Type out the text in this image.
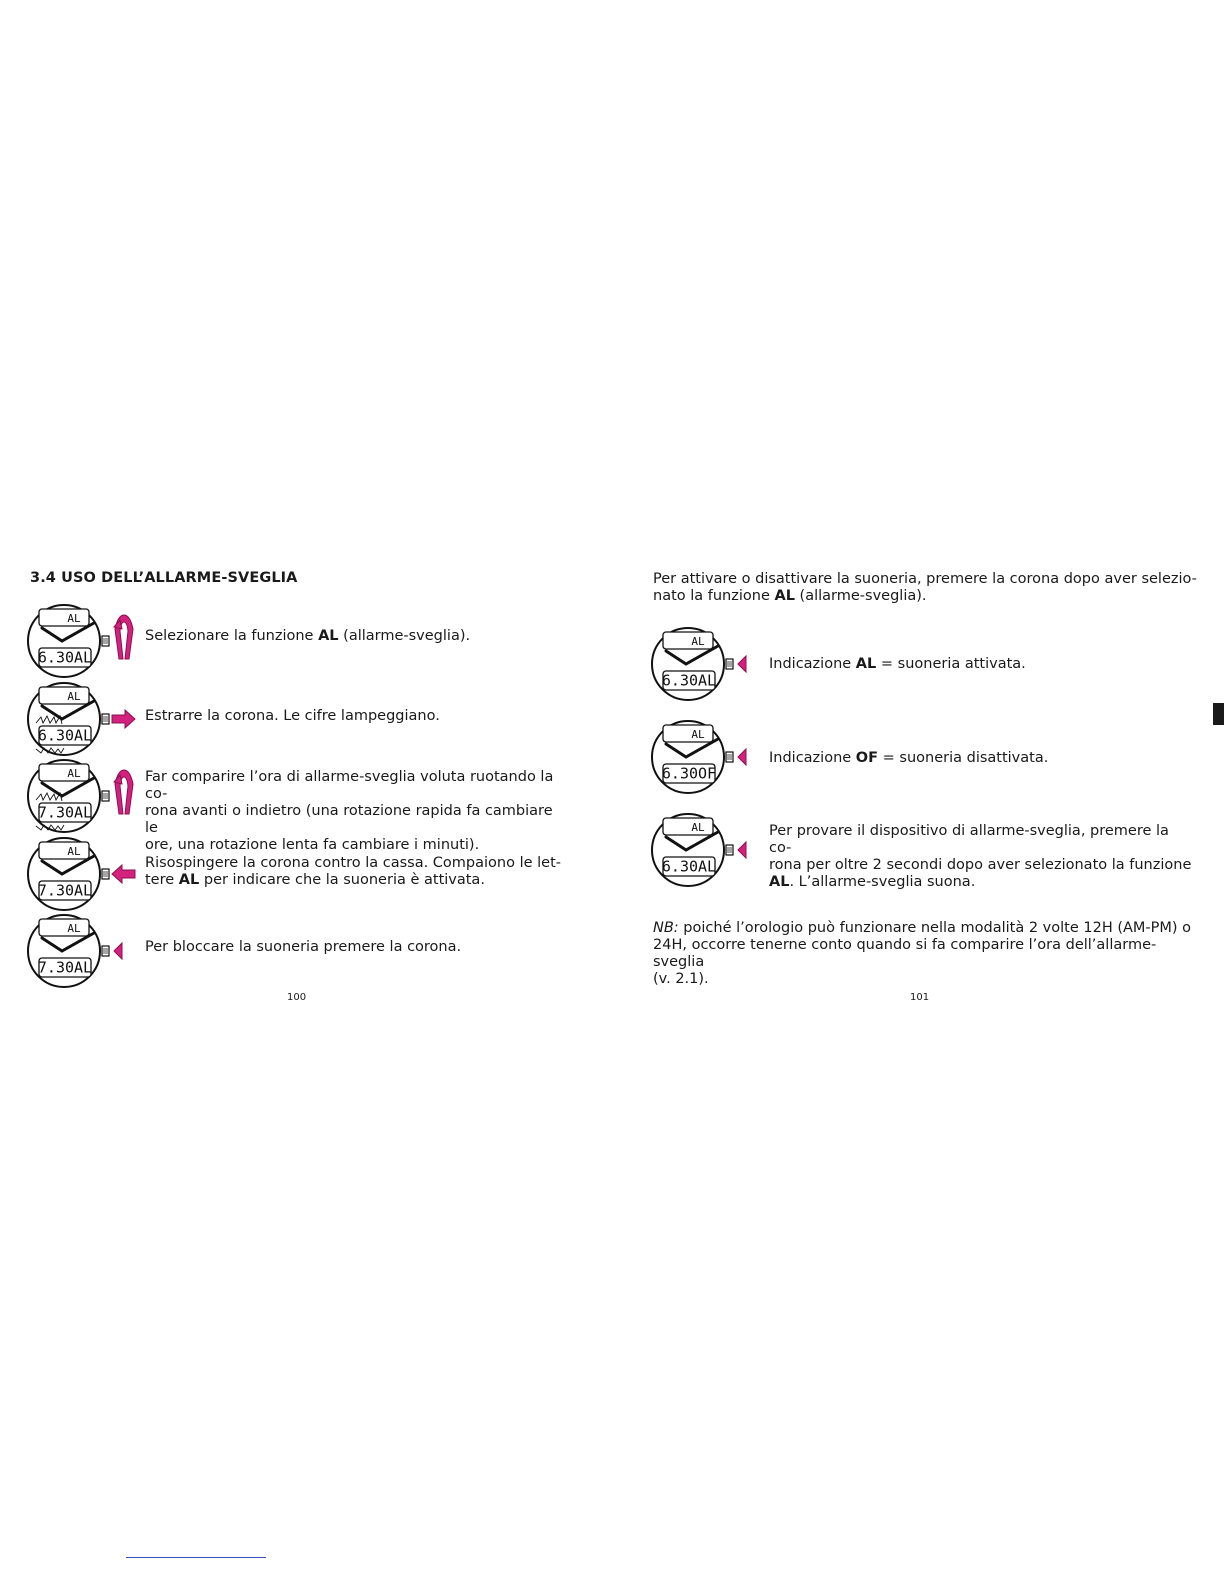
3.4 USO DELL’ALLARME-SVEGLIA
AL
6.30AL

Selezionare la funzione AL (allarme-sveglia).

AL
6.30AL

Estrarre la corona. Le cifre lampeggiano.

AL
7.30AL

Far comparire l’ora di allarme-sveglia voluta ruotando la co-
rona avanti o indietro (una rotazione rapida fa cambiare le
ore, una rotazione lenta fa cambiare i minuti).

AL
7.30AL

Risospingere la corona contro la cassa. Compaiono le let-
tere AL per indicare che la suoneria è attivata.

AL
7.30AL

Per bloccare la suoneria premere la corona.

100

Per attivare o disattivare la suoneria, premere la corona dopo aver selezio-
nato la funzione AL (allarme-sveglia).

AL
6.30AL

Indicazione AL = suoneria attivata.

AL
6.30OF

Indicazione OF = suoneria disattivata.

AL
6.30AL

Per provare il dispositivo di allarme-sveglia, premere la co-
rona per oltre 2 secondi dopo aver selezionato la funzione
AL. L’allarme-sveglia suona.

NB: poiché l’orologio può funzionare nella modalità 2 volte 12H (AM-PM) o
24H, occorre tenerne conto quando si fa comparire l’ora dell’allarme-sveglia
(v. 2.1).

101
